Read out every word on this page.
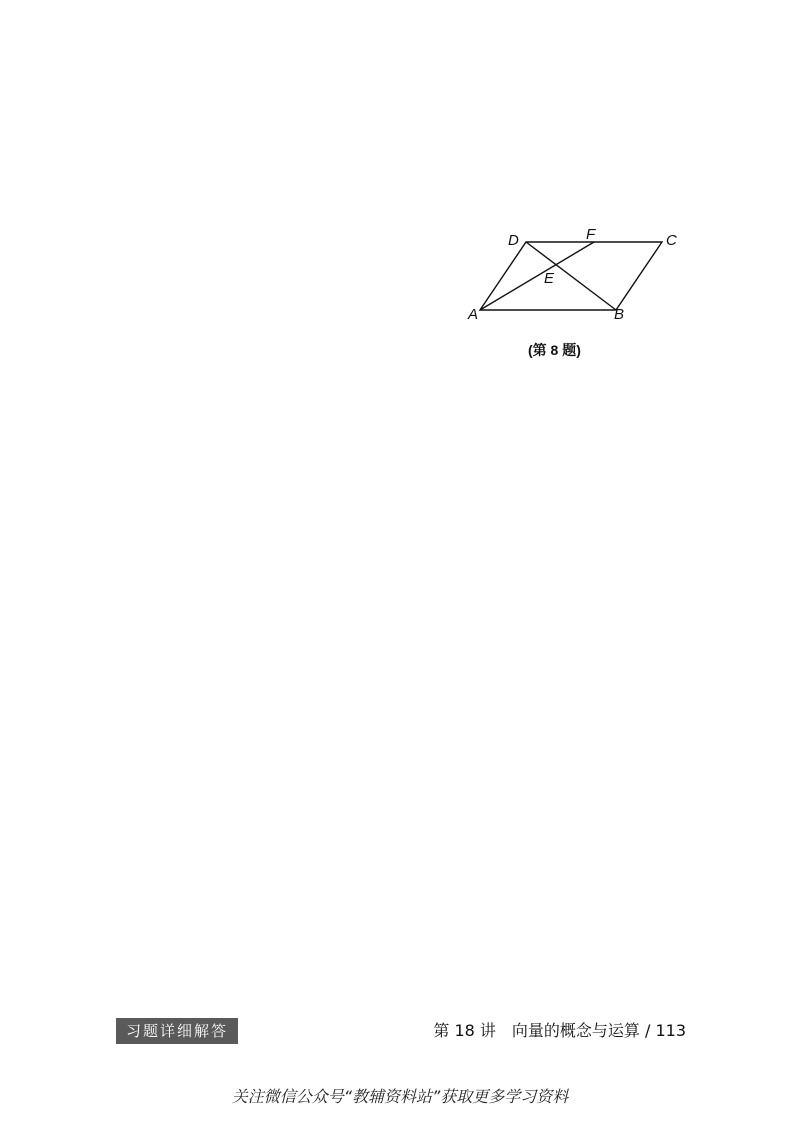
D	F	C
E
A	B
(第 8 题)
习题详细解答	第 18 讲　向量的概念与运算 / 113
关注微信公众号“教辅资料站”获取更多学习资料
